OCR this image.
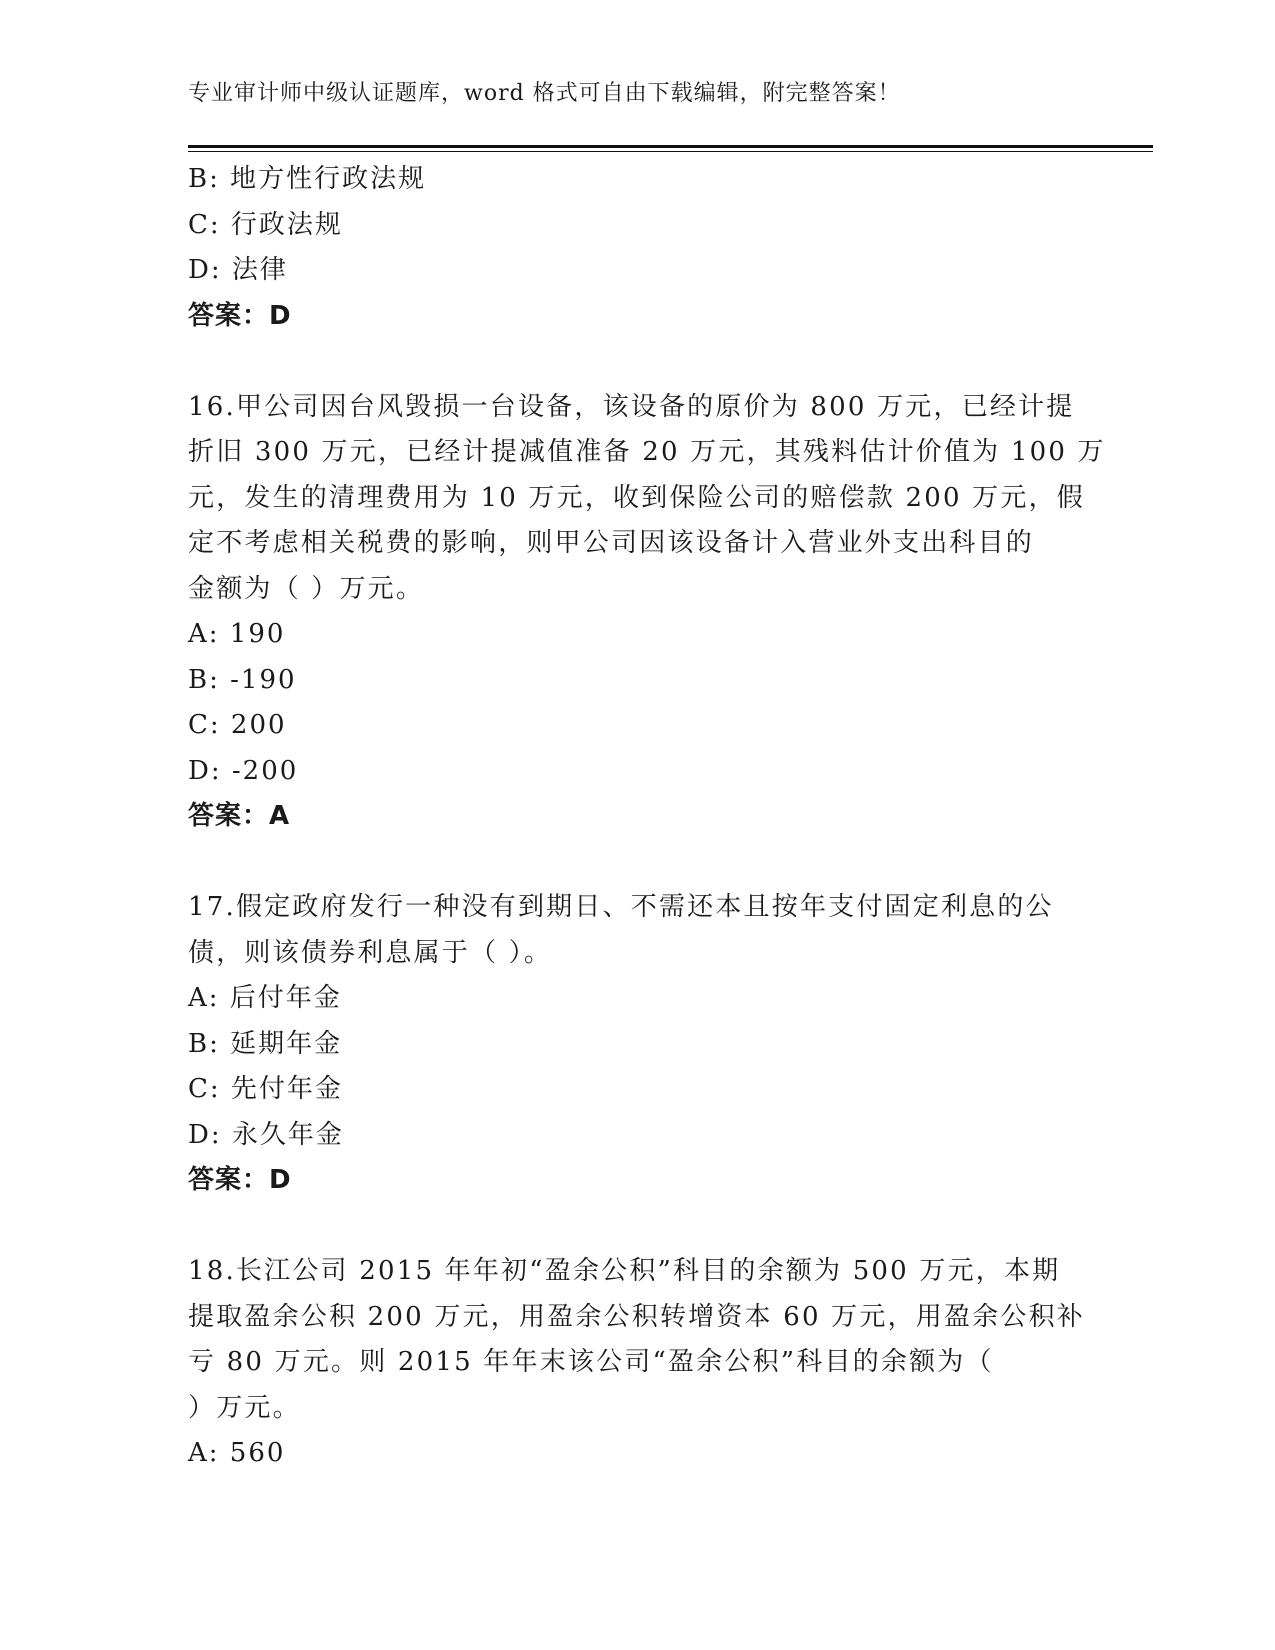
专业审计师中级认证题库，word 格式可自由下载编辑，附完整答案！
B: 地方性行政法规
C: 行政法规
D: 法律
答案：D
16.甲公司因台风毁损一台设备，该设备的原价为 800 万元，已经计提
折旧 300 万元，已经计提减值准备 20 万元，其残料估计价值为 100 万
元，发生的清理费用为 10 万元，收到保险公司的赔偿款 200 万元，假
定不考虑相关税费的影响，则甲公司因该设备计入营业外支出科目的
金额为（ ）万元。
A: 190
B: -190
C: 200
D: -200
答案：A
17.假定政府发行一种没有到期日、不需还本且按年支付固定利息的公
债，则该债券利息属于（ ）。
A: 后付年金
B: 延期年金
C: 先付年金
D: 永久年金
答案：D
18.长江公司 2015 年年初“盈余公积”科目的余额为 500 万元，本期
提取盈余公积 200 万元，用盈余公积转增资本 60 万元，用盈余公积补
亏 80 万元。则 2015 年年末该公司“盈余公积”科目的余额为（
）万元。
A: 560
